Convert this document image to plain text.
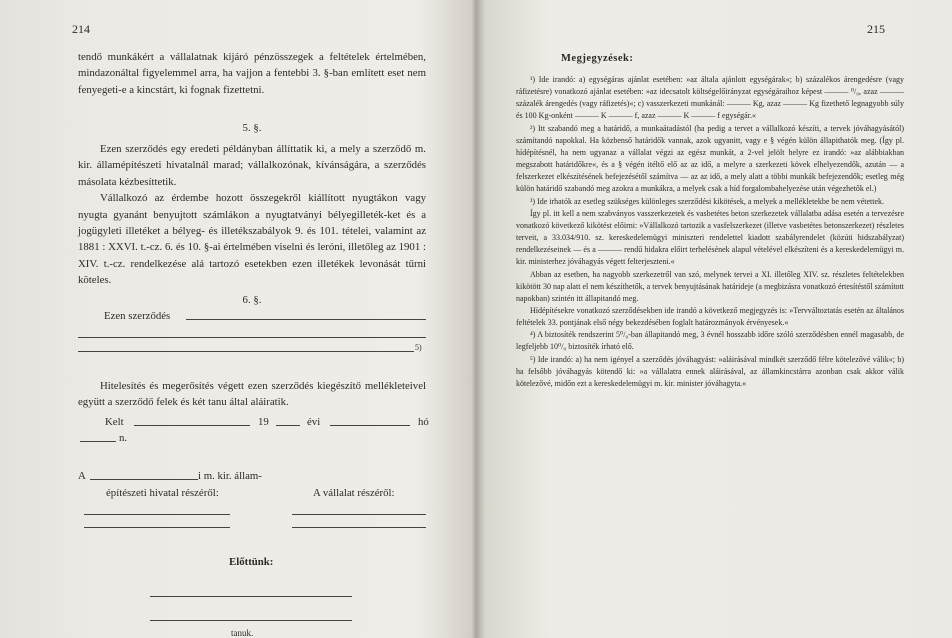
214

tendő munkákért a vállalatnak kijáró pénzösszegek a feltételek értelmében, mindazonáltal figyelemmel arra, ha vajjon a fentebbi 3. §-ban említett eset nem fenyegeti-e a kincstárt, ki fognak fizettetni.

5. §.

Ezen szerződés egy eredeti példányban állíttatik ki, a mely a szerződő m. kir. államépítészeti hivatalnál marad; vállalkozónak, kívánságára, a szerződés másolata kézbesíttetik.

Vállalkozó az érdembe hozott összegekről kiállított nyugtákon vagy nyugta gyanánt benyujtott számlákon a nyugtatványi bélyegilleték-ket és a jogügyleti illetéket a bélyeg- és illetékszabályok 9. és 101. tételei, valamint az 1881 : XXVI. t.-cz. 6. és 10. §-ai értelmében viselni és leróni, illetőleg az 1901 : XIV. t.-cz. rendelkezése alá tartozó esetekben ezen illetékek levonását tűrni köteles.

6. §.
Ezen szerződés
5)

Hitelesítés és megerősítés végett ezen szerződés kiegészítő mellékleteivel együtt a szerződő felek és két tanu által aláiratik.

Kelt	19	évi	hó
n.
A	i m. kir. állam-
építészeti hivatal részéről:	A vállalat részéről:
Előttünk:
tanuk.
215
Megjegyzések:

¹) Ide irandó: a) egységáras ajánlat esetében: »az általa ajánlott egységárak«; b) százalékos árengedésre (vagy ráfizetésre) vonatkozó ajánlat esetében: »az idecsatolt költségelőirányzat egységáraihoz képest ——— ⁰/₀, azaz ——— százalék árengedés (vagy ráfizetés)«; c) vasszerkezeti munkánál: ——— Kg, azaz ——— Kg fizethető legnagyobb súly és 100 Kg-onként ——— K ——— f, azaz ——— K ——— f egységár.«

²) Itt szabandó meg a határidő, a munkaátadástól (ha pedig a tervet a vállalkozó készíti, a tervek jóváhagyásától) számítandó napokkal. Ha közbenső határidők vannak, azok ugyanitt, vagy e § végén külön állapithatók meg. (Így pl. hídépítésnél, ha nem ugyanaz a vállalat végzi az egész munkát, a 2-vel jelölt helyre ez irandó: »az alábbiakban megszabott határidőkre«, és a § végén itéltő elő az az idő, a melyre a szerkezeti kövek elhelyezendők, azután — a felszerkezet elkészítésének befejezésétől számítva — az az idő, a mely alatt a többi munkák befejezendők; esetleg még külön határidő szabandó meg azokra a munkákra, a melyek csak a híd forgalombahelyezése után végezhetők el.)

³) Ide irhatók az esetleg szükséges különleges szerződési kikötések, a melyek a mellékletekbe be nem vétettek.

Így pl. itt kell a nem szabványos vasszerkezetek és vasbetétes beton szerkezetek vállalatba adása esetén a tervezésre vonatkozó következő kikötést előirni: »Vállalkozó tartozik a vasfelszerkezet (illetve vasbetétes betonszerkezet) részletes terveit, a 33.034/910. sz. kereskedelemügyi miniszteri rendelettel kiadott szabályrendelet (közúti hidszabályzat) rendelkezéseinek — és a ——— rendű hidakra előirt terhelésének alapul vételével elkészíteni és a kereskedelemügyi m. kir. ministerhez jóváhagyás végett felterjeszteni.«

Abban az esetben, ha nagyobb szerkezetről van szó, melynek tervei a XI. illetőleg XIV. sz. részletes feltételekben kikötött 30 nap alatt el nem készíthetők, a tervek benyujtásának határideje (a megbizásra vonatkozó értesítéstől számított napokban) szintén itt állapitandó meg.

Hídépítésekre vonatkozó szerződésekben ide irandó a következő megjegyzés is: »Tervváltoztatás esetén az általános feltételek 33. pontjának első négy bekezdésében foglalt határozmányok érvényesek.«

⁴) A biztosíték rendszerint 5⁰/₀-ban állapitandó meg, 3 évnél hosszabb időre szóló szerződésben ennél magasabb, de legfeljebb 10⁰/₀ biztosíték írható elő.

⁵) Ide irandó: a) ha nem igényel a szerződés jóváhagyást: »aláirásával mindkét szerződő félre kötelezővé válik«; b) ha felsőbb jóváhagyás kötendő ki: »a vállalatra ennek aláirásával, az államkincstárra azonban csak akkor válik kötelezővé, midőn ezt a kereskedelemügyi m. kir. minister jóváhagyta.«
